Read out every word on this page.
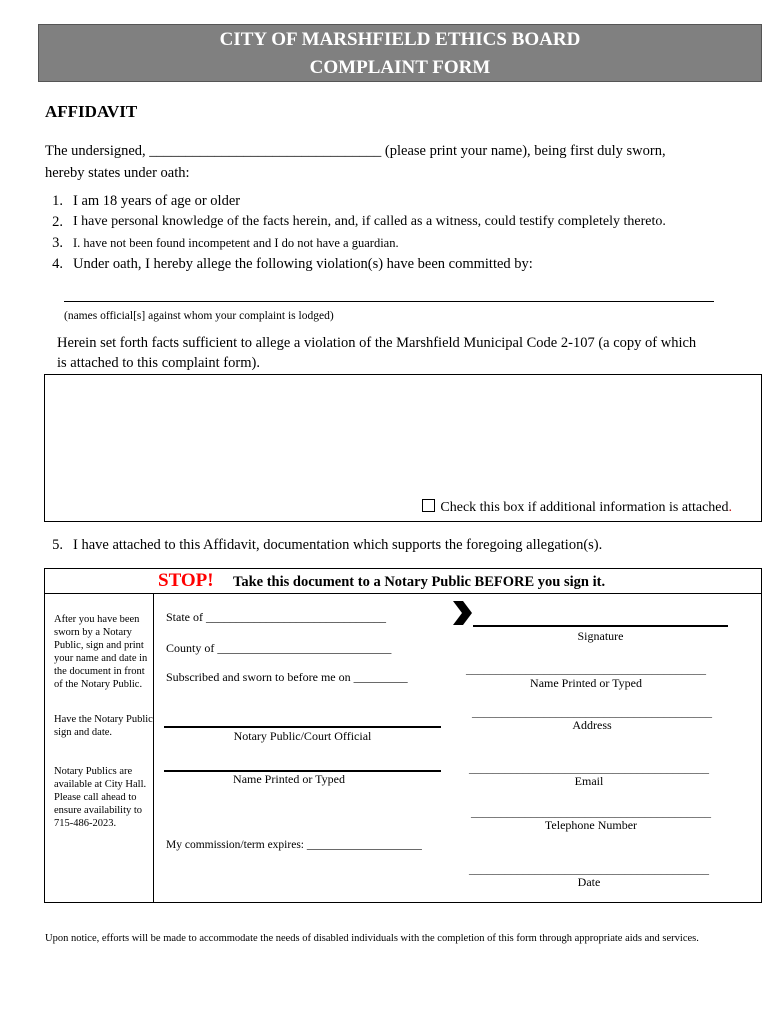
CITY OF MARSHFIELD ETHICS BOARD
COMPLAINT FORM
AFFIDAVIT
The undersigned, ________________________________ (please print your name), being first duly sworn,
hereby states under oath:
1. I am 18 years of age or older
2. I have personal knowledge of the facts herein, and, if called as a witness, could testify completely thereto.
3. I. have not been found incompetent and I do not have a guardian.
4. Under oath, I hereby allege the following violation(s) have been committed by:
(names official[s] against whom your complaint is lodged)
Herein set forth facts sufficient to allege a violation of the Marshfield Municipal Code 2-107 (a copy of which
is attached to this complaint form).
Check this box if additional information is attached.
5. I have attached to this Affidavit, documentation which supports the foregoing allegation(s).
STOP! Take this document to a Notary Public BEFORE you sign it.
After you have been sworn by a Notary Public, sign and print your name and date in the document in front of the Notary Public.
Have the Notary Public sign and date.
Notary Publics are available at City Hall. Please call ahead to ensure availability to 715-486-2023.
State of ______________________________
County of _____________________________
Subscribed and sworn to before me on _________
Notary Public/Court Official
Name Printed or Typed
My commission/term expires: ____________________
Signature
________________________________________
Name Printed or Typed
________________________________________
Address
________________________________________
Email
________________________________________
Telephone Number
________________________________________
Date
Upon notice, efforts will be made to accommodate the needs of disabled individuals with the completion of this form through appropriate aids and services.
